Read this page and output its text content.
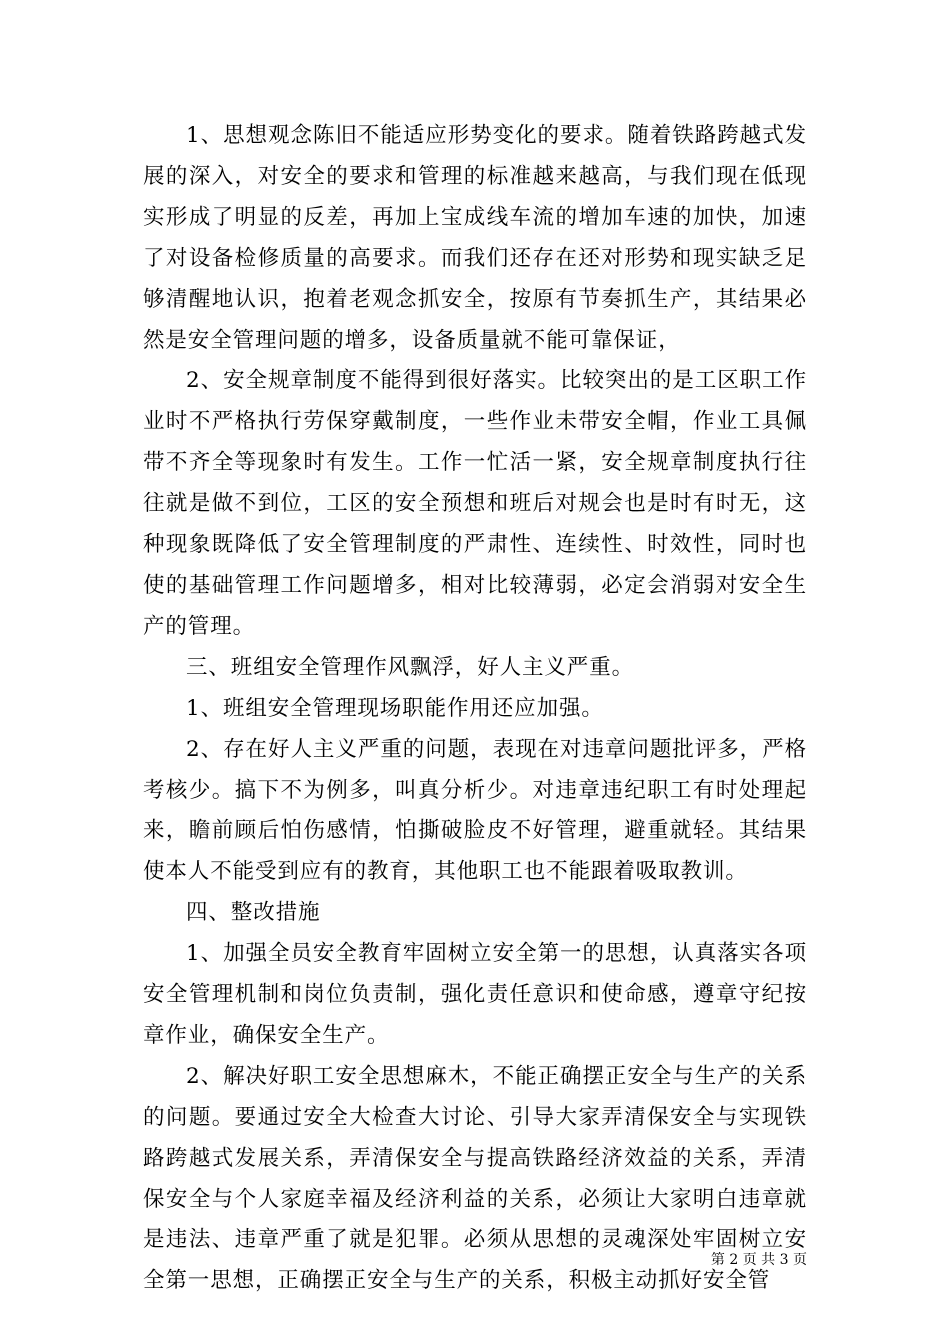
1、思想观念陈旧不能适应形势变化的要求。随着铁路跨越式发展的深入，对安全的要求和管理的标准越来越高，与我们现在低现实形成了明显的反差，再加上宝成线车流的增加车速的加快，加速了对设备检修质量的高要求。而我们还存在还对形势和现实缺乏足够清醒地认识，抱着老观念抓安全，按原有节奏抓生产，其结果必然是安全管理问题的增多，设备质量就不能可靠保证，

2、安全规章制度不能得到很好落实。比较突出的是工区职工作业时不严格执行劳保穿戴制度，一些作业未带安全帽，作业工具佩带不齐全等现象时有发生。工作一忙活一紧，安全规章制度执行往往就是做不到位，工区的安全预想和班后对规会也是时有时无，这种现象既降低了安全管理制度的严肃性、连续性、时效性，同时也使的基础管理工作问题增多，相对比较薄弱，必定会消弱对安全生产的管理。

三、班组安全管理作风飘浮，好人主义严重。

1、班组安全管理现场职能作用还应加强。

2、存在好人主义严重的问题，表现在对违章问题批评多，严格考核少。搞下不为例多，叫真分析少。对违章违纪职工有时处理起来，瞻前顾后怕伤感情，怕撕破脸皮不好管理，避重就轻。其结果使本人不能受到应有的教育，其他职工也不能跟着吸取教训。

四、整改措施

1、加强全员安全教育牢固树立安全第一的思想，认真落实各项安全管理机制和岗位负责制，强化责任意识和使命感，遵章守纪按章作业，确保安全生产。

2、解决好职工安全思想麻木，不能正确摆正安全与生产的关系的问题。要通过安全大检查大讨论、引导大家弄清保安全与实现铁路跨越式发展关系，弄清保安全与提高铁路经济效益的关系，弄清保安全与个人家庭幸福及经济利益的关系，必须让大家明白违章就是违法、违章严重了就是犯罪。必须从思想的灵魂深处牢固树立安全第一思想，正确摆正安全与生产的关系，积极主动抓好安全管

第 2 页 共 3 页
